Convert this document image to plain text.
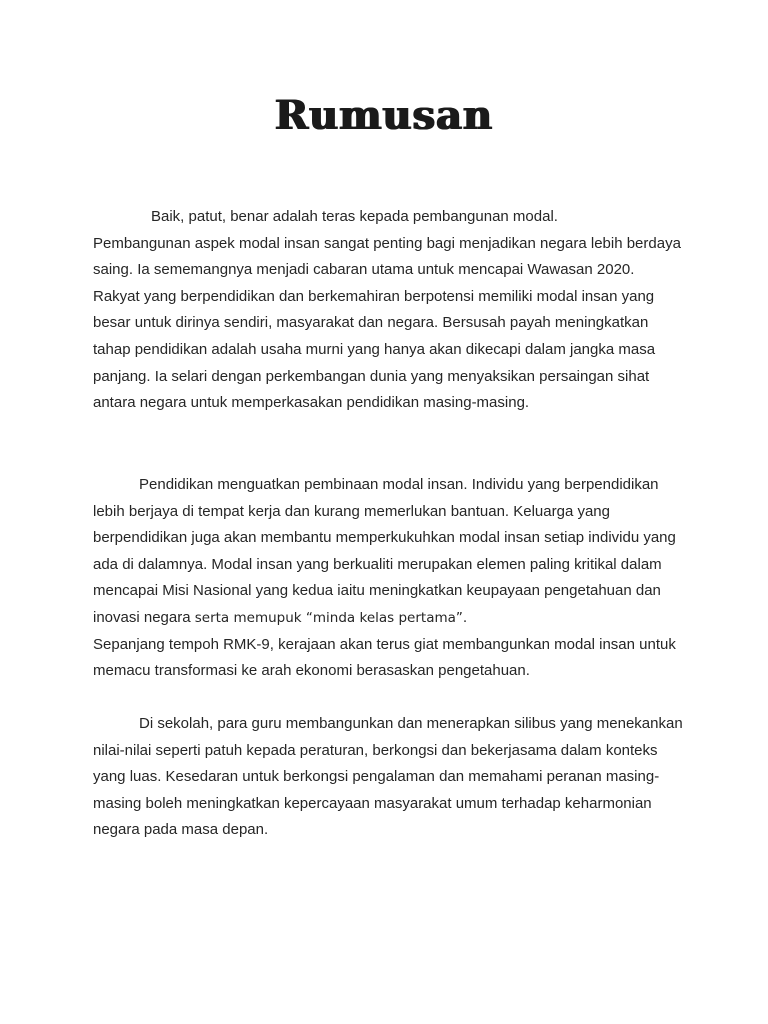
Rumusan

Baik, patut, benar adalah teras kepada pembangunan modal.
Pembangunan aspek modal insan sangat penting bagi menjadikan negara lebih berdaya saing. Ia sememangnya menjadi cabaran utama untuk mencapai Wawasan 2020. Rakyat yang berpendidikan dan berkemahiran berpotensi memiliki modal insan yang besar untuk dirinya sendiri, masyarakat dan negara. Bersusah payah meningkatkan tahap pendidikan adalah usaha murni yang hanya akan dikecapi dalam jangka masa panjang. Ia selari dengan perkembangan dunia yang menyaksikan persaingan sihat antara negara untuk memperkasakan pendidikan masing-masing.

Pendidikan menguatkan pembinaan modal insan. Individu yang berpendidikan lebih berjaya di tempat kerja dan kurang memerlukan bantuan. Keluarga yang berpendidikan juga akan membantu memperkukuhkan modal insan setiap individu yang ada di dalamnya. Modal insan yang berkualiti merupakan elemen paling kritikal dalam mencapai Misi Nasional yang kedua iaitu meningkatkan keupayaan pengetahuan dan inovasi negara serta memupuk “minda kelas pertama”.
Sepanjang tempoh RMK-9, kerajaan akan terus giat membangunkan modal insan untuk memacu transformasi ke arah ekonomi berasaskan pengetahuan.

Di sekolah, para guru membangunkan dan menerapkan silibus yang menekankan nilai-nilai seperti patuh kepada peraturan, berkongsi dan bekerjasama dalam konteks yang luas. Kesedaran untuk berkongsi pengalaman dan memahami peranan masing-masing boleh meningkatkan kepercayaan masyarakat umum terhadap keharmonian negara pada masa depan.
